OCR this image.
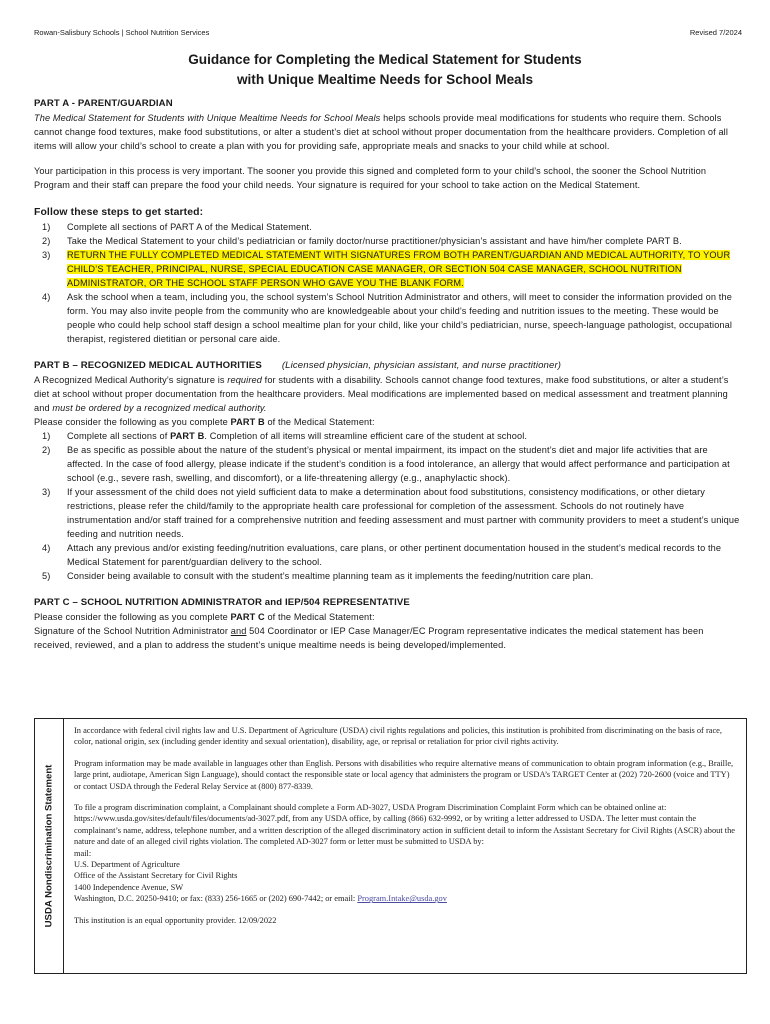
Rowan-Salisbury Schools | School Nutrition Services	Revised 7/2024
Guidance for Completing the Medical Statement for Students
with Unique Mealtime Needs for School Meals
PART A - PARENT/GUARDIAN

The Medical Statement for Students with Unique Mealtime Needs for School Meals helps schools provide meal modifications for students who require them. Schools cannot change food textures, make food substitutions, or alter a student’s diet at school without proper documentation from the healthcare providers. Completion of all items will allow your child’s school to create a plan with you for providing safe, appropriate meals and snacks to your child while at school.

Your participation in this process is very important. The sooner you provide this signed and completed form to your child’s school, the sooner the School Nutrition Program and their staff can prepare the food your child needs. Your signature is required for your school to take action on the Medical Statement.

Follow these steps to get started:
1)	Complete all sections of PART A of the Medical Statement.
2)	Take the Medical Statement to your child’s pediatrician or family doctor/nurse practitioner/physician’s assistant and have him/her complete PART B.
3)	RETURN THE FULLY COMPLETED MEDICAL STATEMENT WITH SIGNATURES FROM BOTH PARENT/GUARDIAN AND MEDICAL AUTHORITY, TO YOUR CHILD’S TEACHER, PRINCIPAL, NURSE, SPECIAL EDUCATION CASE MANAGER, OR SECTION 504 CASE MANAGER, SCHOOL NUTRITION ADMINISTRATOR, OR THE SCHOOL STAFF PERSON WHO GAVE YOU THE BLANK FORM.
4)	Ask the school when a team, including you, the school system’s School Nutrition Administrator and others, will meet to consider the information provided on the form. You may also invite people from the community who are knowledgeable about your child’s feeding and nutrition issues to the meeting. These would be people who could help school staff design a school mealtime plan for your child, like your child’s pediatrician, nurse, speech-language pathologist, occupational therapist, registered dietitian or personal care aide.
PART B – RECOGNIZED MEDICAL AUTHORITIES (Licensed physician, physician assistant, and nurse practitioner)

A Recognized Medical Authority’s signature is required for students with a disability. Schools cannot change food textures, make food substitutions, or alter a student’s diet at school without proper documentation from the healthcare providers. Meal modifications are implemented based on medical assessment and treatment planning and must be ordered by a recognized medical authority.

Please consider the following as you complete PART B of the Medical Statement:

1)	Complete all sections of PART B. Completion of all items will streamline efficient care of the student at school.
2)	Be as specific as possible about the nature of the student’s physical or mental impairment, its impact on the student’s diet and major life activities that are affected. In the case of food allergy, please indicate if the student’s condition is a food intolerance, an allergy that would affect performance and participation at school (e.g., severe rash, swelling, and discomfort), or a life-threatening allergy (e.g., anaphylactic shock).
3)	If your assessment of the child does not yield sufficient data to make a determination about food substitutions, consistency modifications, or other dietary restrictions, please refer the child/family to the appropriate health care professional for completion of the assessment. Schools do not routinely have instrumentation and/or staff trained for a comprehensive nutrition and feeding assessment and must partner with community providers to meet a student’s unique feeding and nutrition needs.
4)	Attach any previous and/or existing feeding/nutrition evaluations, care plans, or other pertinent documentation housed in the student’s medical records to the Medical Statement for parent/guardian delivery to the school.
5)	Consider being available to consult with the student’s mealtime planning team as it implements the feeding/nutrition care plan.
PART C – SCHOOL NUTRITION ADMINISTRATOR and IEP/504 REPRESENTATIVE

Please consider the following as you complete PART C of the Medical Statement:

Signature of the School Nutrition Administrator and 504 Coordinator or IEP Case Manager/EC Program representative indicates the medical statement has been received, reviewed, and a plan to address the student’s unique mealtime needs is being developed/implemented.

USDA Nondiscrimination Statement

In accordance with federal civil rights law and U.S. Department of Agriculture (USDA) civil rights regulations and policies, this institution is prohibited from discriminating on the basis of race, color, national origin, sex (including gender identity and sexual orientation), disability, age, or reprisal or retaliation for prior civil rights activity.

Program information may be made available in languages other than English. Persons with disabilities who require alternative means of communication to obtain program information (e.g., Braille, large print, audiotape, American Sign Language), should contact the responsible state or local agency that administers the program or USDA’s TARGET Center at (202) 720-2600 (voice and TTY) or contact USDA through the Federal Relay Service at (800) 877-8339.

To file a program discrimination complaint, a Complainant should complete a Form AD-3027, USDA Program Discrimination Complaint Form which can be obtained online at: https://www.usda.gov/sites/default/files/documents/ad-3027.pdf, from any USDA office, by calling (866) 632-9992, or by writing a letter addressed to USDA. The letter must contain the complainant’s name, address, telephone number, and a written description of the alleged discriminatory action in sufficient detail to inform the Assistant Secretary for Civil Rights (ASCR) about the nature and date of an alleged civil rights violation. The completed AD-3027 form or letter must be submitted to USDA by:

mail:

U.S. Department of Agriculture

Office of the Assistant Secretary for Civil Rights

1400 Independence Avenue, SW

Washington, D.C. 20250-9410; or fax: (833) 256-1665 or (202) 690-7442; or email: Program.Intake@usda.gov

This institution is an equal opportunity provider. 12/09/2022
